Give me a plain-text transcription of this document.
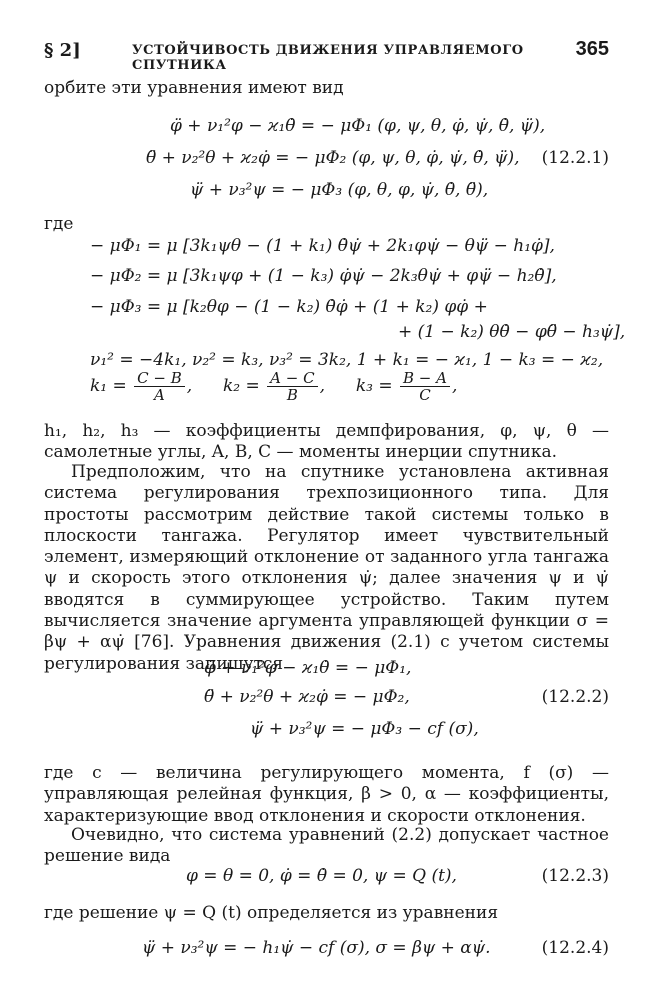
§ 2]	УСТОЙЧИВОСТЬ ДВИЖЕНИЯ УПРАВЛЯЕМОГО СПУТНИКА
365
орбите эти уравнения имеют вид
φ̈ + ν₁²φ − ϰ₁θ̇ = − μΦ₁ (φ, ψ, θ, φ̇, ψ̇, θ̇, ψ̈),
θ̈ + ν₂²θ + ϰ₂φ̇ = − μΦ₂ (φ, ψ, θ, φ̇, ψ̇, θ̇, ψ̈),
ψ̈ + ν₃²ψ = − μΦ₃ (φ, θ, φ, ψ̇, θ̇, θ̈),
(12.2.1)
где
− μΦ₁ = μ [3k₁ψθ − (1 + k₁) θ̇ψ̇ + 2k₁φψ̇ − θψ̈ − h₁φ̇],
− μΦ₂ = μ [3k₁ψφ + (1 − k₃) φ̇ψ̇ − 2k₃θψ̇ + φψ̈ − h₂θ̇],
− μΦ₃ = μ [k₂θφ − (1 − k₂) θ̇φ̇ + (1 + k₂) φφ̇ +
+ (1 − k₂) θθ̇ − φθ̈ − h₃ψ̇],
ν₁² = −4k₁, ν₂² = k₃, ν₃² = 3k₂, 1 + k₁ = − ϰ₁, 1 − k₃ = − ϰ₂,
$k_1 = \frac{C - B}{A}$ , $k_2 = \frac{A - C}{B}$ , $k_3 = \frac{B - A}{C}$ ,
h₁, h₂, h₃ — коэффициенты демпфирования, φ, ψ, θ — самолетные углы, A, B, C — моменты инерции спутника.
Предположим, что на спутнике установлена активная система регулирования трехпозиционного типа. Для простоты рассмотрим действие такой системы только в плоскости тангажа. Регулятор имеет чувствительный элемент, измеряющий отклонение от заданного угла тангажа ψ и скорость этого отклонения ψ̇; далее значения ψ и ψ̇ вводятся в суммирующее устройство. Таким путем вычисляется значение аргумента управляющей функции σ = βψ + αψ̇ [76]. Уравнения движения (2.1) с учетом системы регулирования запишутся
φ̈ + ν₁²φ − ϰ₁θ̇ = − μΦ₁,
θ̈ + ν₂²θ + ϰ₂φ̇ = − μΦ₂,
ψ̈ + ν₃²ψ = − μΦ₃ − cf (σ),
(12.2.2)
где c — величина регулирующего момента, f (σ) — управляющая релейная функция, β > 0, α — коэффициенты, характеризующие ввод отклонения и скорости отклонения.
Очевидно, что система уравнений (2.2) допускает частное решение вида
φ = θ = 0, φ̇ = θ̇ = 0, ψ = Q (t),	(12.2.3)
где решение ψ = Q (t) определяется из уравнения
ψ̈ + ν₃²ψ = − h₁ψ̇ − cf (σ), σ = βψ + αψ̇.	(12.2.4)
